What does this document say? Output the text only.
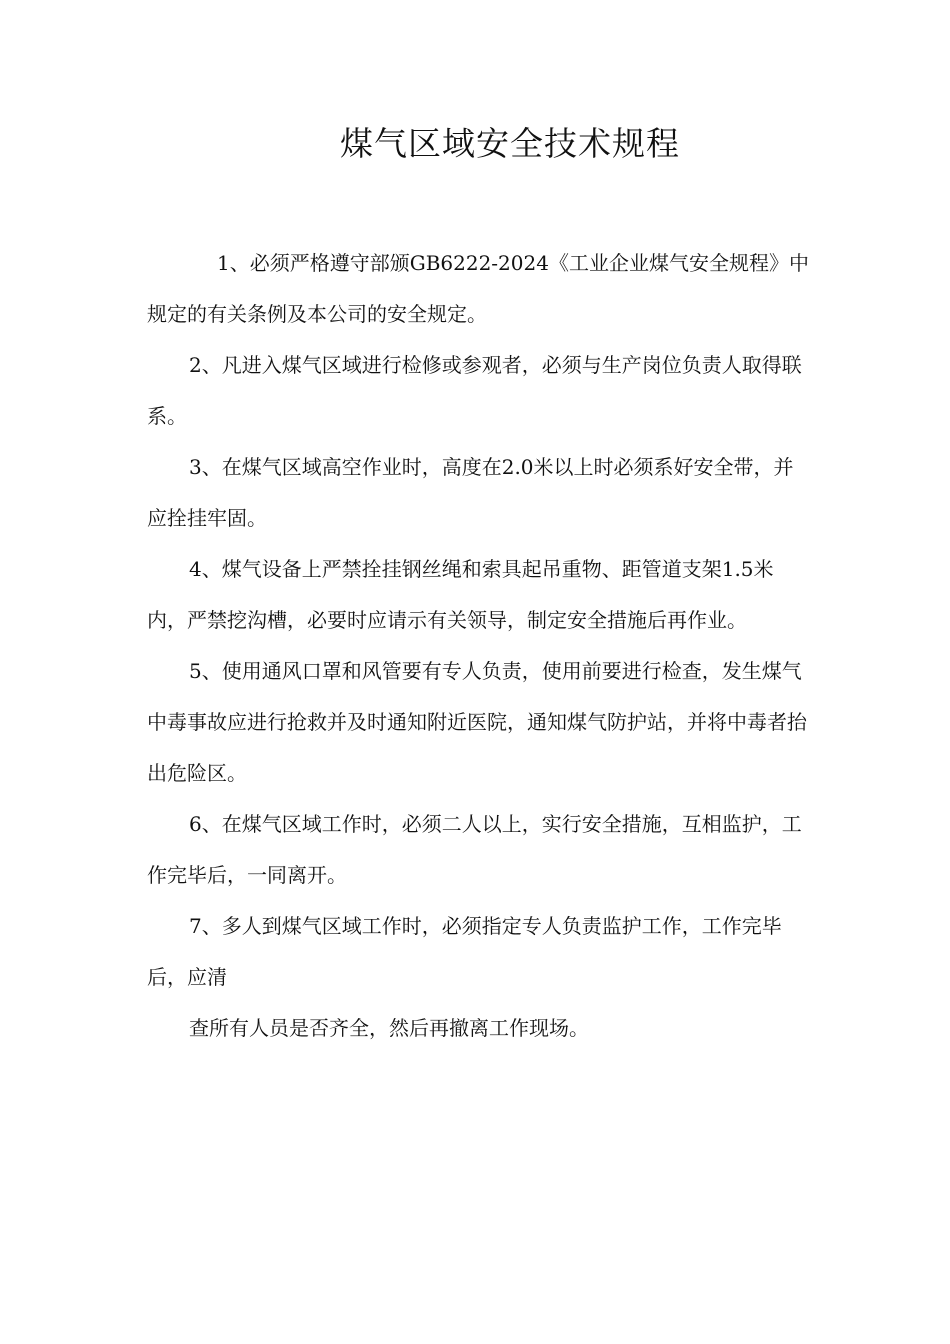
煤气区域安全技术规程

1、必须严格遵守部颁GB6222-2024《工业企业煤气安全规程》中规定的有关条例及本公司的安全规定。

2、凡进入煤气区域进行检修或参观者，必须与生产岗位负责人取得联系。

3、在煤气区域高空作业时，高度在2.0米以上时必须系好安全带，并应拴挂牢固。

4、煤气设备上严禁拴挂钢丝绳和索具起吊重物、距管道支架1.5米内，严禁挖沟槽，必要时应请示有关领导，制定安全措施后再作业。

5、使用通风口罩和风管要有专人负责，使用前要进行检查，发生煤气中毒事故应进行抢救并及时通知附近医院，通知煤气防护站，并将中毒者抬出危险区。

6、在煤气区域工作时，必须二人以上，实行安全措施，互相监护，工作完毕后，一同离开。

7、多人到煤气区域工作时，必须指定专人负责监护工作，工作完毕后，应清

查所有人员是否齐全，然后再撤离工作现场。
